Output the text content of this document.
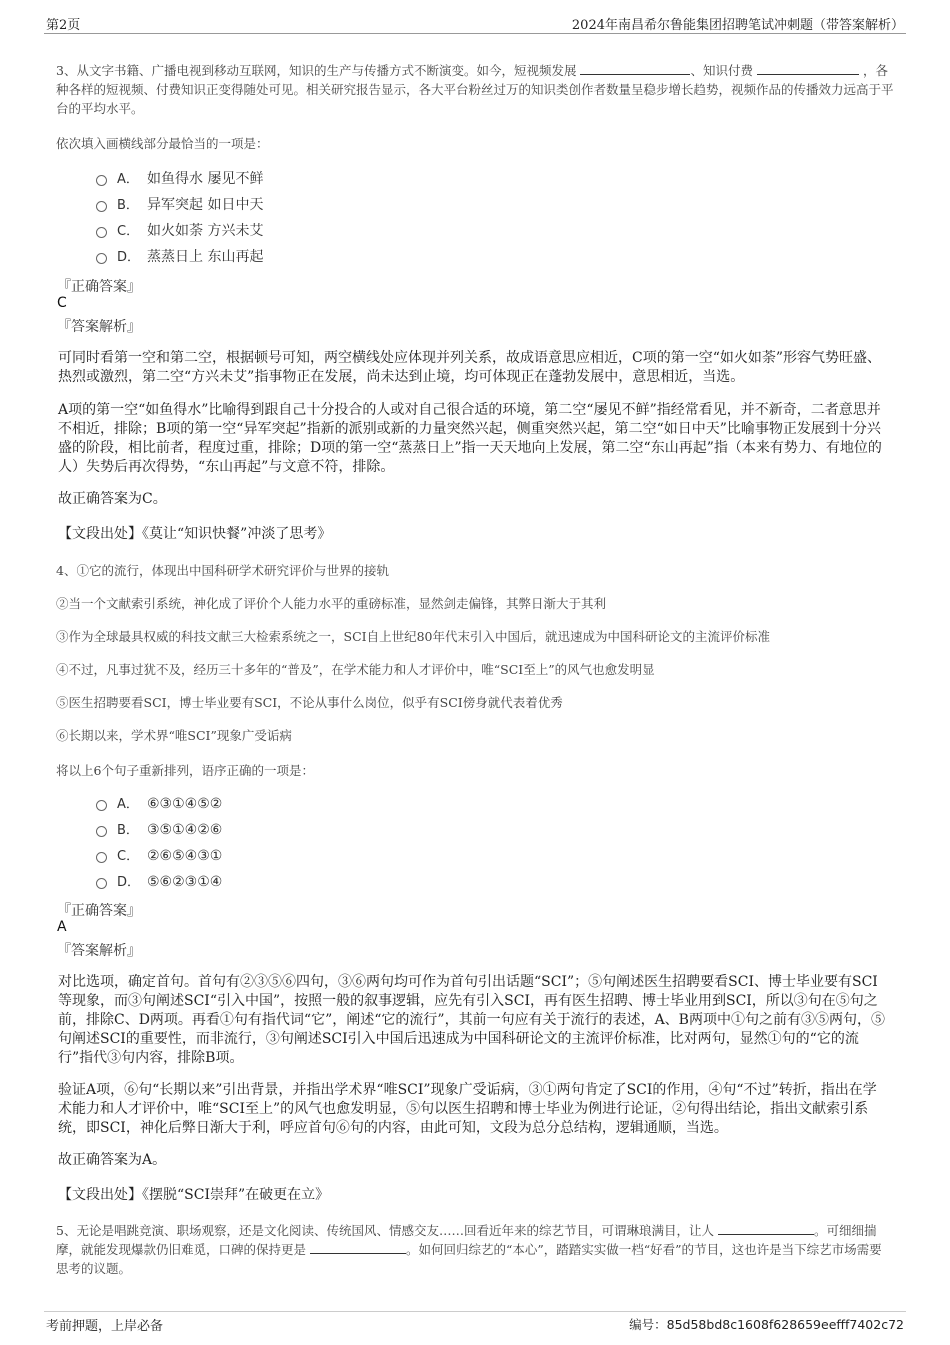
第2页	2024年南昌希尔鲁能集团招聘笔试冲刺题（带答案解析）
3、从文字书籍、广播电视到移动互联网，知识的生产与传播方式不断演变。如今，短视频发展	、知识付费	，各种各样的短视频、付费知识正变得随处可见。相关研究报告显示，各大平台粉丝过万的知识类创作者数量呈稳步增长趋势，视频作品的传播效力远高于平台的平均水平。
依次填入画横线部分最恰当的一项是：
A． 如鱼得水 屡见不鲜
B． 异军突起 如日中天
C． 如火如荼 方兴未艾
D． 蒸蒸日上 东山再起
『正确答案』
C
『答案解析』
可同时看第一空和第二空，根据顿号可知，两空横线处应体现并列关系，故成语意思应相近，C项的第一空“如火如荼”形容气势旺盛、热烈或激烈，第二空“方兴未艾”指事物正在发展，尚未达到止境，均可体现正在蓬勃发展中，意思相近，当选。
A项的第一空“如鱼得水”比喻得到跟自己十分投合的人或对自己很合适的环境，第二空“屡见不鲜”指经常看见，并不新奇，二者意思并不相近，排除；B项的第一空“异军突起”指新的派别或新的力量突然兴起，侧重突然兴起，第二空“如日中天”比喻事物正发展到十分兴盛的阶段，相比前者，程度过重，排除；D项的第一空“蒸蒸日上”指一天天地向上发展，第二空“东山再起”指（本来有势力、有地位的人）失势后再次得势，“东山再起”与文意不符，排除。
故正确答案为C。
【文段出处】《莫让“知识快餐”冲淡了思考》
4、①它的流行，体现出中国科研学术研究评价与世界的接轨
②当一个文献索引系统，神化成了评价个人能力水平的重磅标准，显然剑走偏锋，其弊日渐大于其利
③作为全球最具权威的科技文献三大检索系统之一，SCI自上世纪80年代末引入中国后，就迅速成为中国科研论文的主流评价标准
④不过，凡事过犹不及，经历三十多年的“普及”，在学术能力和人才评价中，唯“SCI至上”的风气也愈发明显
⑤医生招聘要看SCI，博士毕业要有SCI，不论从事什么岗位，似乎有SCI傍身就代表着优秀
⑥长期以来，学术界“唯SCI”现象广受诟病
将以上6个句子重新排列，语序正确的一项是：
A． ⑥③①④⑤②
B． ③⑤①④②⑥
C． ②⑥⑤④③①
D． ⑤⑥②③①④
『正确答案』
A
『答案解析』
对比选项，确定首句。首句有②③⑤⑥四句，③⑥两句均可作为首句引出话题“SCI”；⑤句阐述医生招聘要看SCI、博士毕业要有SCI等现象，而③句阐述SCI“引入中国”，按照一般的叙事逻辑，应先有引入SCI，再有医生招聘、博士毕业用到SCI，所以③句在⑤句之前，排除C、D两项。再看①句有指代词“它”，阐述“它的流行”，其前一句应有关于流行的表述，A、B两项中①句之前有③⑤两句，⑤句阐述SCI的重要性，而非流行，③句阐述SCI引入中国后迅速成为中国科研论文的主流评价标准，比对两句，显然①句的“它的流行”指代③句内容，排除B项。
验证A项，⑥句“长期以来”引出背景，并指出学术界“唯SCI”现象广受诟病，③①两句肯定了SCI的作用，④句“不过”转折，指出在学术能力和人才评价中，唯“SCI至上”的风气也愈发明显，⑤句以医生招聘和博士毕业为例进行论证，②句得出结论，指出文献索引系统，即SCI，神化后弊日渐大于利，呼应首句⑥句的内容，由此可知，文段为总分总结构，逻辑通顺，当选。
故正确答案为A。
【文段出处】《摆脱“SCI崇拜”在破更在立》
5、无论是唱跳竞演、职场观察，还是文化阅读、传统国风、情感交友……回看近年来的综艺节目，可谓琳琅满目，让人	。可细细揣摩，就能发现爆款仍旧难觅，口碑的保持更是	。如何回归综艺的“本心”，踏踏实实做一档“好看”的节目，这也许是当下综艺市场需要思考的议题。
考前押题，上岸必备	编号：85d58bd8c1608f628659eefff7402c72
